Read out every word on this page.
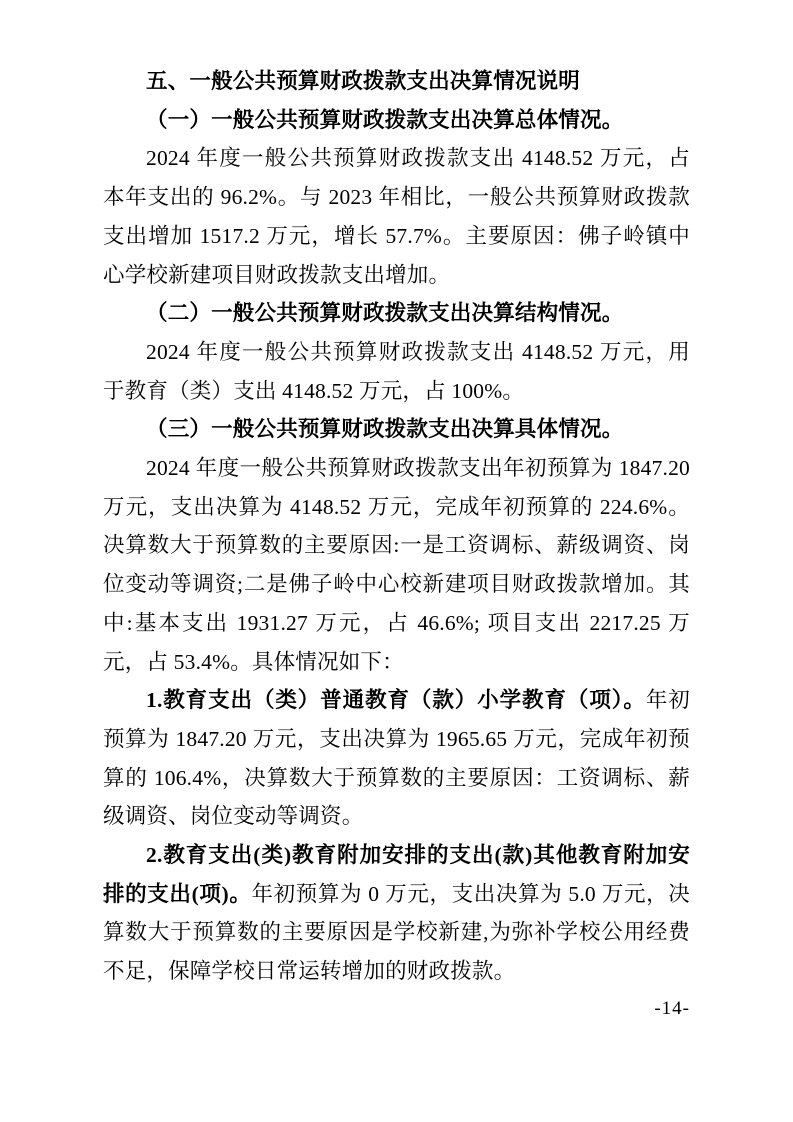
五、一般公共预算财政拨款支出决算情况说明
（一）一般公共预算财政拨款支出决算总体情况。

2024 年度一般公共预算财政拨款支出 4148.52 万元，占本年支出的 96.2%。与 2023 年相比，一般公共预算财政拨款支出增加 1517.2 万元，增长 57.7%。主要原因：佛子岭镇中心学校新建项目财政拨款支出增加。

（二）一般公共预算财政拨款支出决算结构情况。

2024 年度一般公共预算财政拨款支出 4148.52 万元，用于教育（类）支出 4148.52 万元，占 100%。

（三）一般公共预算财政拨款支出决算具体情况。

2024 年度一般公共预算财政拨款支出年初预算为 1847.20 万元，支出决算为 4148.52 万元，完成年初预算的 224.6%。决算数大于预算数的主要原因:一是工资调标、薪级调资、岗位变动等调资;二是佛子岭中心校新建项目财政拨款增加。其中:基本支出 1931.27 万元，占 46.6%; 项目支出 2217.25 万元，占 53.4%。具体情况如下：

1.教育支出（类）普通教育（款）小学教育（项）。年初预算为 1847.20 万元，支出决算为 1965.65 万元，完成年初预算的 106.4%，决算数大于预算数的主要原因：工资调标、薪级调资、岗位变动等调资。

2.教育支出(类)教育附加安排的支出(款)其他教育附加安排的支出(项)。年初预算为 0 万元，支出决算为 5.0 万元，决算数大于预算数的主要原因是学校新建,为弥补学校公用经费不足，保障学校日常运转增加的财政拨款。

-14-
